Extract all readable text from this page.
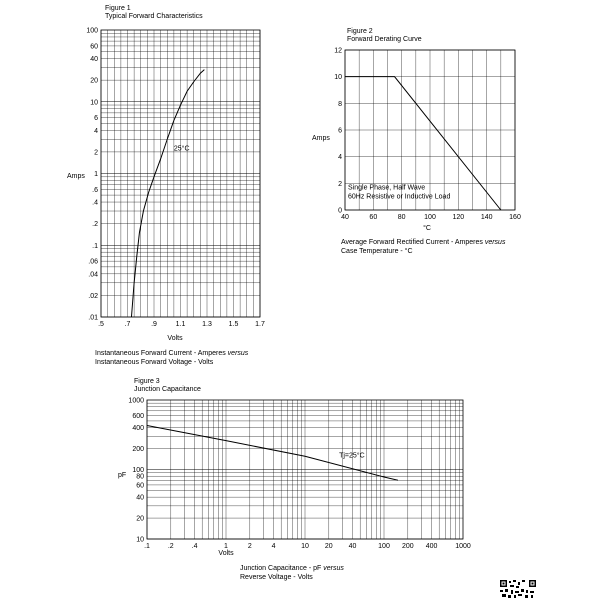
Figure 1
Typical Forward Characteristics
.5	.7	.9	1.1 1.3 1.5 1.7
100
60
40
20
10
6
4
2
1
.6
.4
.2
.1
.06
.04
.02
.01
Amps
Volts
25°C
Instantaneous Forward Current - Amperes versus
Instantaneous Forward Voltage - Volts
Figure 2
Forward Derating Curve
40	60	80	100 120 140 160
0
2
4
6
8
10
12
Amps
°C
Single Phase, Half Wave
60Hz Resistive or Inductive Load
Average Forward Rectified Current - Amperes versus
Case Temperature - °C
Figure 3
Junction Capacitance
.1	.2	.4	1	2	4	10 20 40	100 200 400	1000
1000
600
400
200
100
80
60
40
20
10
pF
Volts
Tj=25°C
Junction Capacitance - pF versus
Reverse Voltage - Volts
